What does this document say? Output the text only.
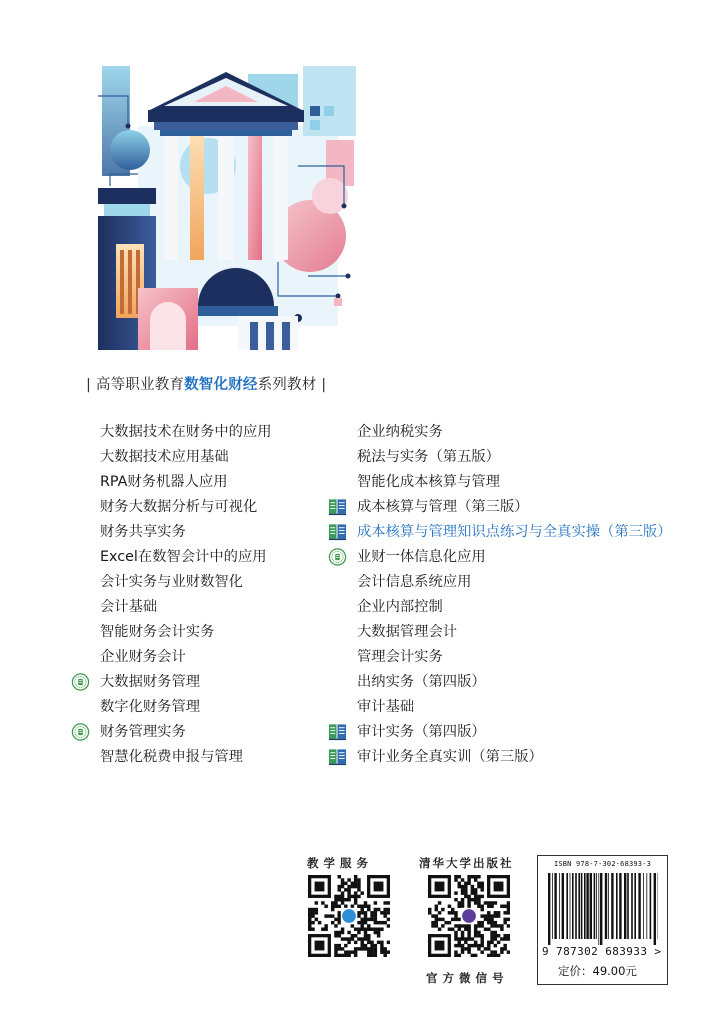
| 高等职业教育数智化财经系列教材 |
大数据技术在财务中的应用
大数据技术应用基础
RPA财务机器人应用
财务大数据分析与可视化
财务共享实务
Excel在数智会计中的应用
会计实务与业财数智化
会计基础
智能财务会计实务
企业财务会计
大数据财务管理
数字化财务管理
财务管理实务
智慧化税费申报与管理
企业纳税实务
税法与实务（第五版）
智能化成本核算与管理
成本核算与管理（第三版）
成本核算与管理知识点练习与全真实操（第三版）
业财一体信息化应用
会计信息系统应用
企业内部控制
大数据管理会计
管理会计实务
出纳实务（第四版）
审计基础
审计实务（第四版）
审计业务全真实训（第三版）
教学服务	清华大学出版社
官方微信号
ISBN 978-7-302-68393-3
9 787302 683933 >
定价：49.00元
